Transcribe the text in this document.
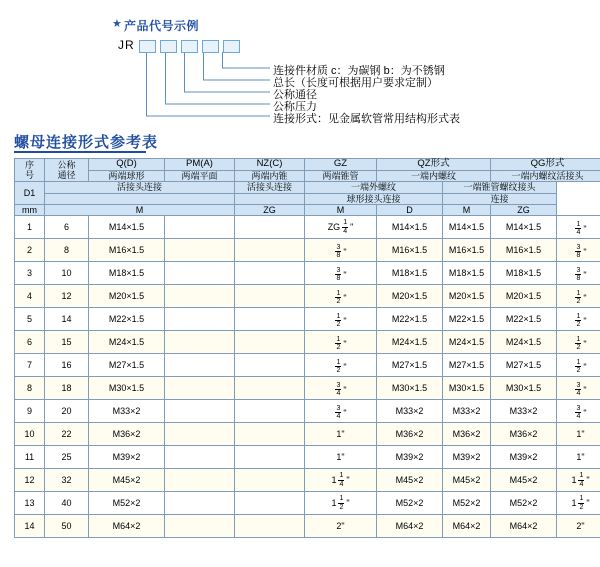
★ 产品代号示例
JR
连接件材质 c：为碳钢 b：为不锈钢
总长（长度可根据用户要求定制）
公称通径
公称压力
连接形式：见金属软管常用结构形式表
螺母连接形式参考表
序
号

公称
通径
	Q(D)	PM(A)	NZ(C)	GZ	QZ形式	QG形式
		两端球形	两端平面	两端内锥	两端锥管	一端内螺纹		一端内螺纹活接头	
D1	活接头连接			活接头连接	一端外螺纹		一端锥管螺纹接头		
					球形接头连接		连接		
mm	M			ZG	M	D	M	ZG	
1	6	M14×1.5			ZG $\frac{1}{4}$ "	M14×1.5	M14×1.5	M14×1.5	$\frac{1}{4}$ "

2	8	M16×1.5			$\frac{3}{8}$ "	M16×1.5	M16×1.5	M16×1.5	$\frac{3}{8}$ "

3	10	M18×1.5			$\frac{3}{8}$ "	M18×1.5	M18×1.5	M18×1.5	$\frac{3}{8}$ "

4	12	M20×1.5			$\frac{1}{2}$ "	M20×1.5	M20×1.5	M20×1.5	$\frac{1}{2}$ "

5	14	M22×1.5			$\frac{1}{2}$ "	M22×1.5	M22×1.5	M22×1.5	$\frac{1}{2}$ "

6	15	M24×1.5			$\frac{1}{2}$ "	M24×1.5	M24×1.5	M24×1.5	$\frac{1}{2}$ "

7	16	M27×1.5			$\frac{1}{2}$ "	M27×1.5	M27×1.5	M27×1.5	$\frac{1}{2}$ "

8	18	M30×1.5			$\frac{3}{4}$ "	M30×1.5	M30×1.5	M30×1.5	$\frac{3}{4}$ "

9	20	M33×2			$\frac{3}{4}$ "	M33×2	M33×2	M33×2	$\frac{3}{4}$ "

10	22	M36×2			1"	M36×2	M36×2	M36×2	1"

11	25	M39×2			1"	M39×2	M39×2	M39×2	1"

12	32	M45×2			$1 \frac{1}{4}$ "	M45×2	M45×2	M45×2	$1 \frac{1}{4}$ "

13	40	M52×2			$1 \frac{1}{2}$ "	M52×2	M52×2	M52×2	$1 \frac{1}{2}$ "

14	50	M64×2			2"	M64×2	M64×2	M64×2	2"
